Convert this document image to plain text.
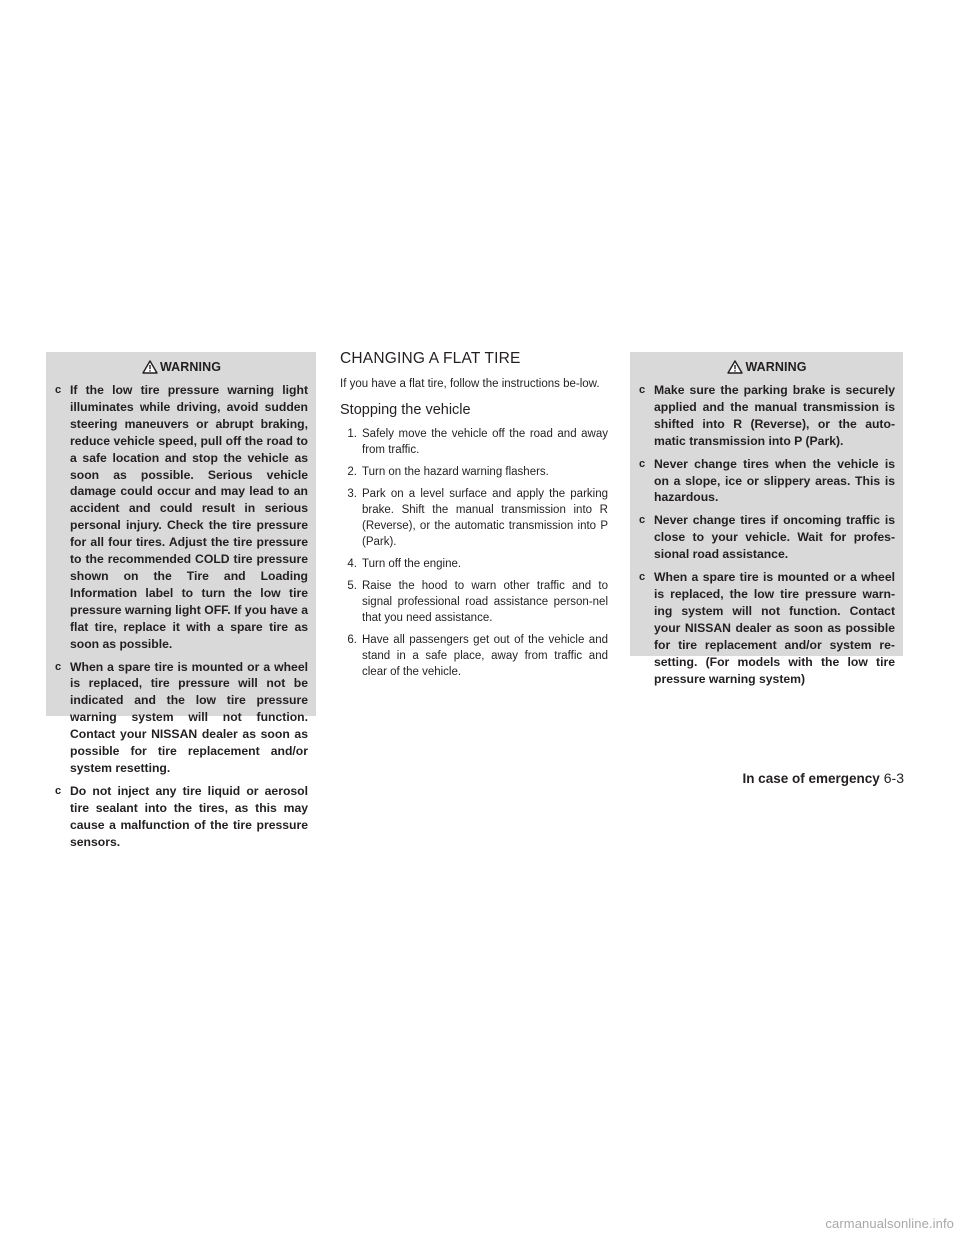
WARNING
c If the low tire pressure warning light illuminates while driving, avoid sudden steering maneuvers or abrupt braking, reduce vehicle speed, pull off the road to a safe location and stop the vehicle as soon as possible. Serious vehicle damage could occur and may lead to an accident and could result in serious personal injury. Check the tire pressure for all four tires. Adjust the tire pressure to the recommended COLD tire pressure shown on the Tire and Loading Information label to turn the low tire pressure warning light OFF. If you have a flat tire, replace it with a spare tire as soon as possible.
c When a spare tire is mounted or a wheel is replaced, tire pressure will not be indicated and the low tire pressure warning system will not function. Contact your NISSAN dealer as soon as possible for tire replacement and/or system resetting.
c Do not inject any tire liquid or aerosol tire sealant into the tires, as this may cause a malfunction of the tire pressure sensors.
CHANGING A FLAT TIRE

If you have a flat tire, follow the instructions be-low.

Stopping the vehicle
1. Safely move the vehicle off the road and away from traffic.
2. Turn on the hazard warning flashers.
3. Park on a level surface and apply the parking brake. Shift the manual transmission into R (Reverse), or the automatic transmission into P (Park).
4. Turn off the engine.
5. Raise the hood to warn other traffic and to signal professional road assistance person-nel that you need assistance.
6. Have all passengers get out of the vehicle and stand in a safe place, away from traffic and clear of the vehicle.
WARNING
c Make sure the parking brake is securely applied and the manual transmission is shifted into R (Reverse), or the auto-matic transmission into P (Park).
c Never change tires when the vehicle is on a slope, ice or slippery areas. This is hazardous.
c Never change tires if oncoming traffic is close to your vehicle. Wait for profes-sional road assistance.
c When a spare tire is mounted or a wheel is replaced, the low tire pressure warn-ing system will not function. Contact your NISSAN dealer as soon as possible for tire replacement and/or system re-setting. (For models with the low tire pressure warning system)
In case of emergency 6-3
carmanualsonline.info
